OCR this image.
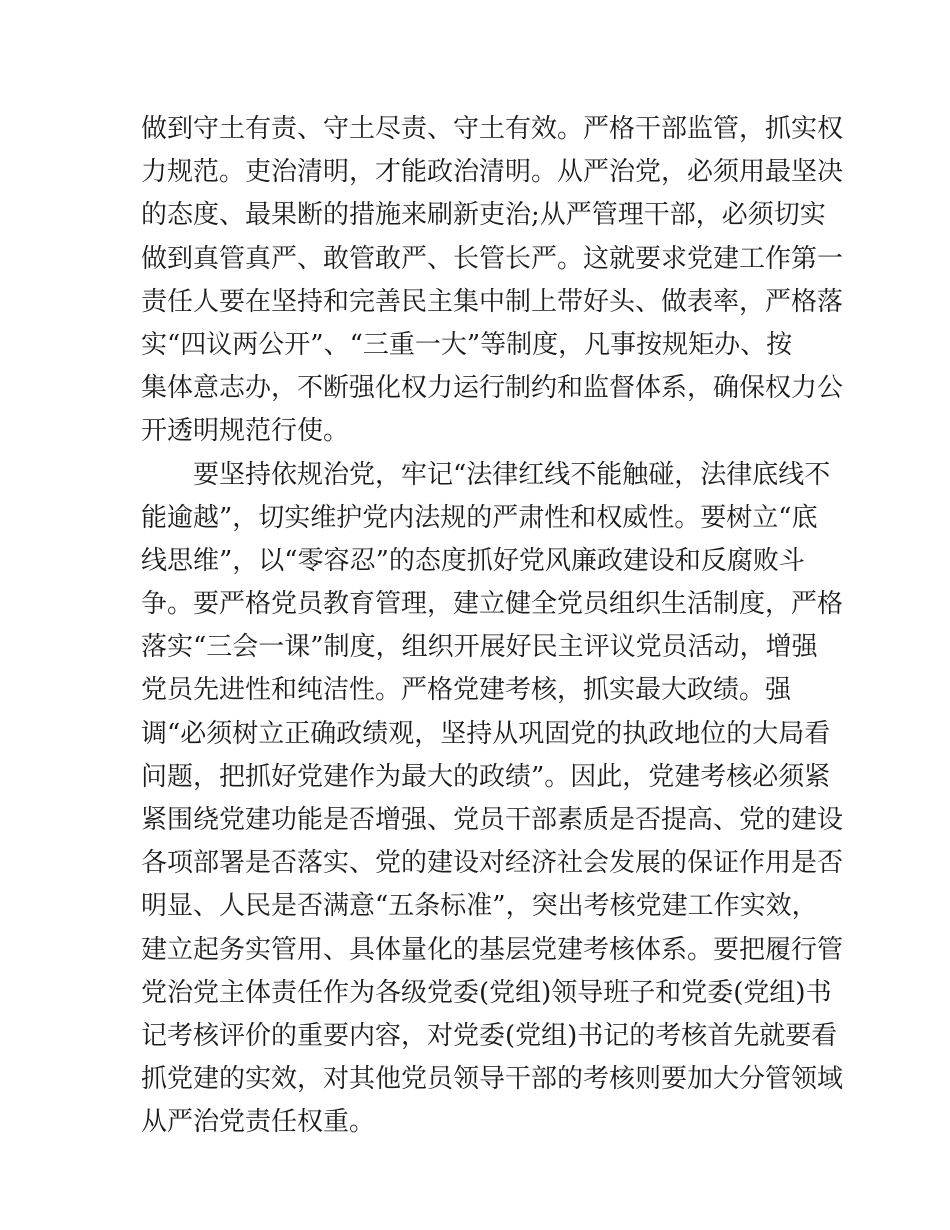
做到守土有责、守土尽责、守土有效。严格干部监管，抓实权
力规范。吏治清明，才能政治清明。从严治党，必须用最坚决
的态度、最果断的措施来刷新吏治;从严管理干部，必须切实
做到真管真严、敢管敢严、长管长严。这就要求党建工作第一
责任人要在坚持和完善民主集中制上带好头、做表率，严格落
实“四议两公开”、“三重一大”等制度，凡事按规矩办、按
集体意志办，不断强化权力运行制约和监督体系，确保权力公
开透明规范行使。
　　要坚持依规治党，牢记“法律红线不能触碰，法律底线不
能逾越”，切实维护党内法规的严肃性和权威性。要树立“底
线思维”，以“零容忍”的态度抓好党风廉政建设和反腐败斗
争。要严格党员教育管理，建立健全党员组织生活制度，严格
落实“三会一课”制度，组织开展好民主评议党员活动，增强
党员先进性和纯洁性。严格党建考核，抓实最大政绩。强
调“必须树立正确政绩观，坚持从巩固党的执政地位的大局看
问题，把抓好党建作为最大的政绩”。因此，党建考核必须紧
紧围绕党建功能是否增强、党员干部素质是否提高、党的建设
各项部署是否落实、党的建设对经济社会发展的保证作用是否
明显、人民是否满意“五条标准”，突出考核党建工作实效，
建立起务实管用、具体量化的基层党建考核体系。要把履行管
党治党主体责任作为各级党委(党组)领导班子和党委(党组)书
记考核评价的重要内容，对党委(党组)书记的考核首先就要看
抓党建的实效，对其他党员领导干部的考核则要加大分管领域
从严治党责任权重。
